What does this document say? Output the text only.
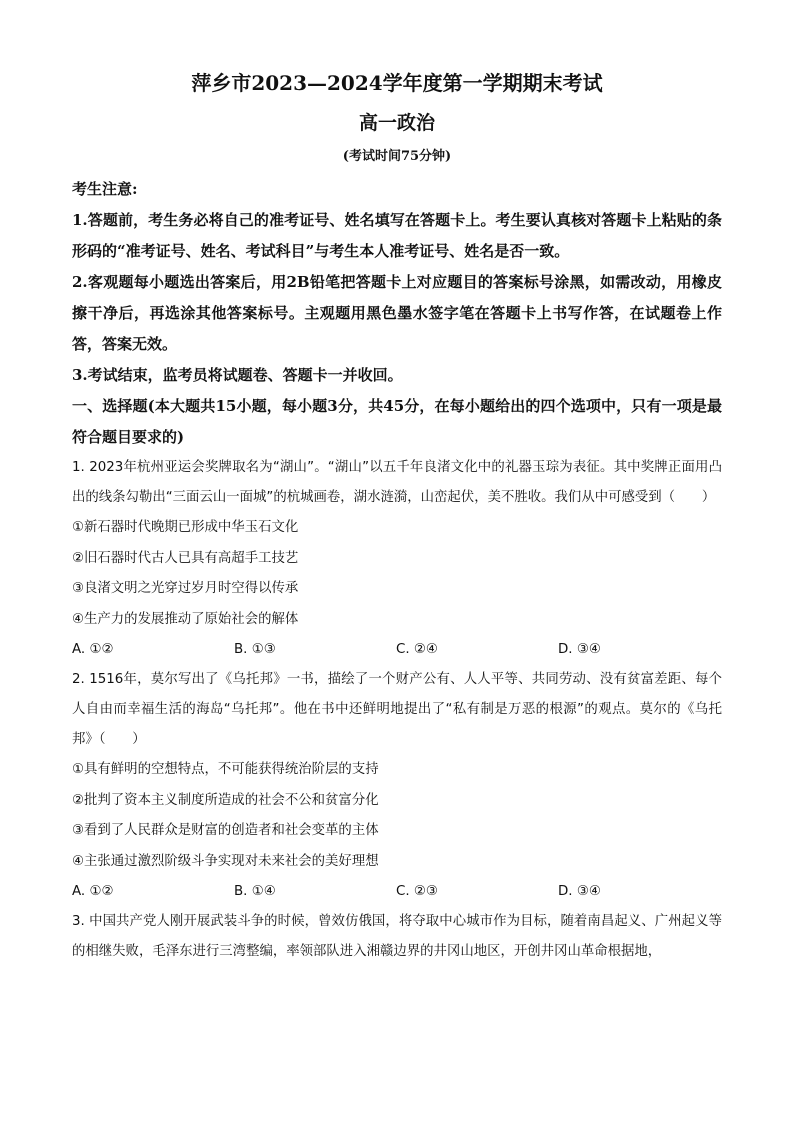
萍乡市2023—2024学年度第一学期期末考试
高一政治

(考试时间75分钟)

考生注意:

1.答题前，考生务必将自己的准考证号、姓名填写在答题卡上。考生要认真核对答题卡上粘贴的条形码的“准考证号、姓名、考试科目”与考生本人准考证号、姓名是否一致。

2.客观题每小题选出答案后，用2B铅笔把答题卡上对应题目的答案标号涂黑，如需改动，用橡皮擦干净后，再选涂其他答案标号。主观题用黑色墨水签字笔在答题卡上书写作答，在试题卷上作答，答案无效。

3.考试结束，监考员将试题卷、答题卡一并收回。

一、选择题(本大题共15小题，每小题3分，共45分，在每小题给出的四个选项中，只有一项是最符合题目要求的)

1. 2023年杭州亚运会奖牌取名为“湖山”。“湖山”以五千年良渚文化中的礼器玉琮为表征。其中奖牌正面用凸出的线条勾勒出“三面云山一面城”的杭城画卷，湖水涟漪，山峦起伏，美不胜收。我们从中可感受到（　　）

①新石器时代晚期已形成中华玉石文化

②旧石器时代古人已具有高超手工技艺

③良渚文明之光穿过岁月时空得以传承

④生产力的发展推动了原始社会的解体

A. ①②	B. ①③	C. ②④	D. ③④

2. 1516年，莫尔写出了《乌托邦》一书，描绘了一个财产公有、人人平等、共同劳动、没有贫富差距、每个人自由而幸福生活的海岛“乌托邦”。他在书中还鲜明地提出了“私有制是万恶的根源”的观点。莫尔的《乌托邦》（　　）

①具有鲜明的空想特点，不可能获得统治阶层的支持

②批判了资本主义制度所造成的社会不公和贫富分化

③看到了人民群众是财富的创造者和社会变革的主体

④主张通过激烈阶级斗争实现对未来社会的美好理想

A. ①②	B. ①④	C. ②③	D. ③④

3. 中国共产党人刚开展武装斗争的时候，曾效仿俄国，将夺取中心城市作为目标，随着南昌起义、广州起义等的相继失败，毛泽东进行三湾整编，率领部队进入湘赣边界的井冈山地区，开创井冈山革命根据地，
